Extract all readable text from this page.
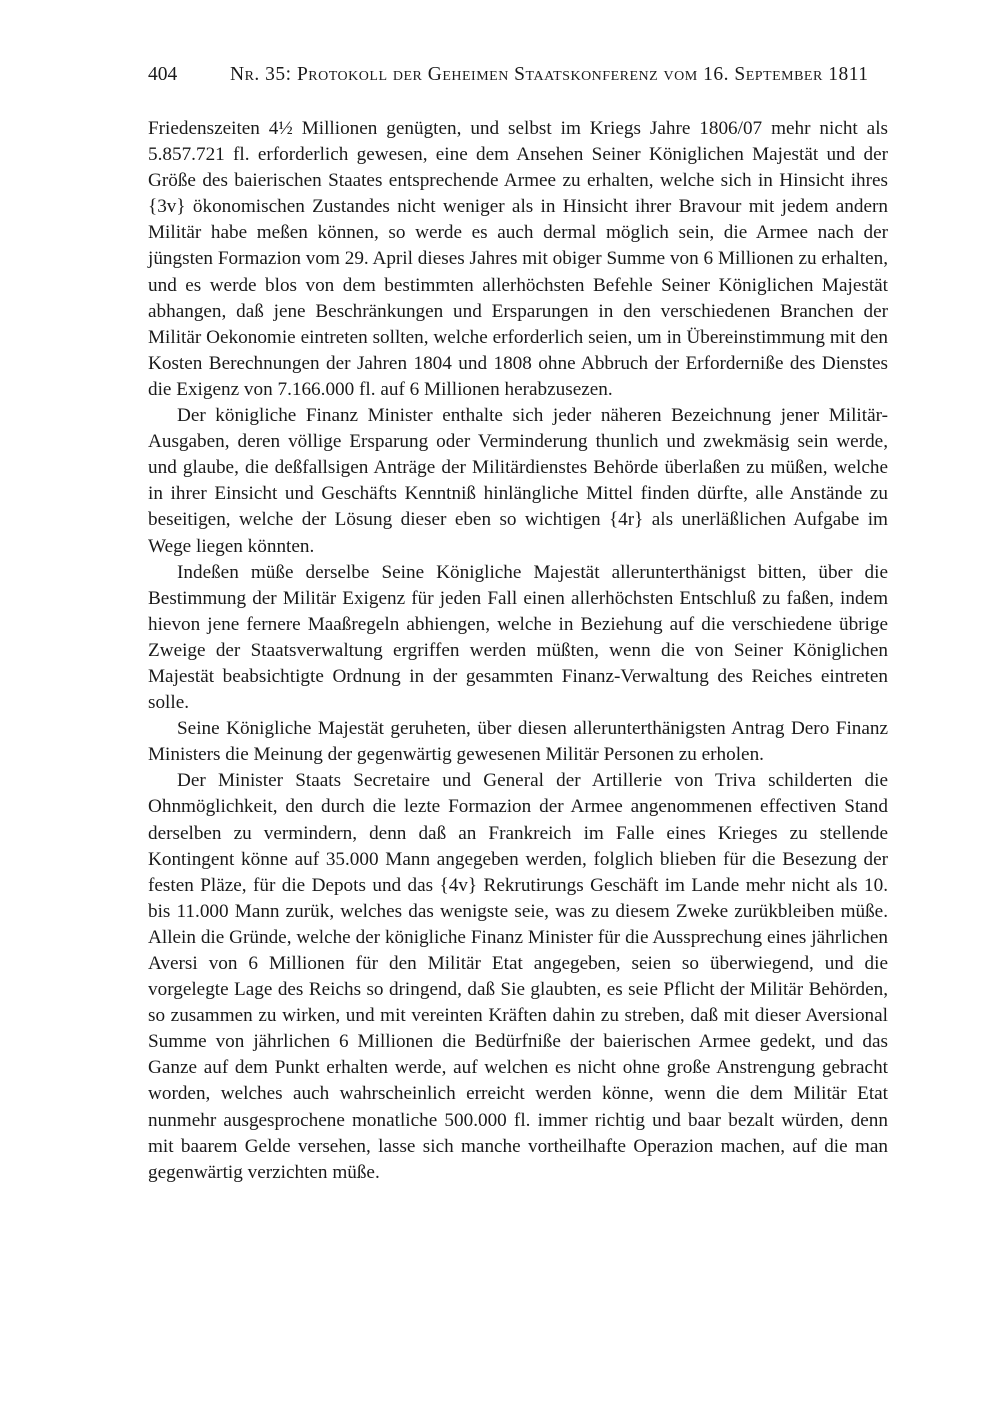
404	Nr. 35: Protokoll der Geheimen Staatskonferenz vom 16. September 1811

Friedenszeiten 4½ Millionen genügten, und selbst im Kriegs Jahre 1806/07 mehr nicht als 5.857.721 fl. erforderlich gewesen, eine dem Ansehen Seiner Königlichen Majestät und der Größe des baierischen Staates entsprechende Armee zu erhalten, welche sich in Hinsicht ihres {3v} ökonomischen Zustandes nicht weniger als in Hinsicht ihrer Bravour mit jedem andern Militär habe meßen können, so werde es auch dermal möglich sein, die Armee nach der jüngsten Formazion vom 29. April dieses Jahres mit obiger Summe von 6 Millionen zu erhalten, und es werde blos von dem bestimmten allerhöchsten Befehle Seiner Königlichen Majestät abhangen, daß jene Beschränkungen und Ersparungen in den verschiedenen Branchen der Militär Oekonomie eintreten sollten, welche erforderlich seien, um in Übereinstimmung mit den Kosten Berechnungen der Jahren 1804 und 1808 ohne Abbruch der Erforderniße des Dienstes die Exigenz von 7.166.000 fl. auf 6 Millionen herabzusezen.

Der königliche Finanz Minister enthalte sich jeder näheren Bezeichnung jener Militär-Ausgaben, deren völlige Ersparung oder Verminderung thunlich und zwekmäsig sein werde, und glaube, die deßfallsigen Anträge der Militärdienstes Behörde überlaßen zu müßen, welche in ihrer Einsicht und Geschäfts Kenntniß hinlängliche Mittel finden dürfte, alle Anstände zu beseitigen, welche der Lösung dieser eben so wichtigen {4r} als unerläßlichen Aufgabe im Wege liegen könnten.

Indeßen müße derselbe Seine Königliche Majestät allerunterthänigst bitten, über die Bestimmung der Militär Exigenz für jeden Fall einen allerhöchsten Entschluß zu faßen, indem hievon jene fernere Maaßregeln abhiengen, welche in Beziehung auf die verschiedene übrige Zweige der Staatsverwaltung ergriffen werden müßten, wenn die von Seiner Königlichen Majestät beabsichtigte Ordnung in der gesammten Finanz-Verwaltung des Reiches eintreten solle.

Seine Königliche Majestät geruheten, über diesen allerunterthänigsten Antrag Dero Finanz Ministers die Meinung der gegenwärtig gewesenen Militär Personen zu erholen.

Der Minister Staats Secretaire und General der Artillerie von Triva schilderten die Ohnmöglichkeit, den durch die lezte Formazion der Armee angenommenen effectiven Stand derselben zu vermindern, denn daß an Frankreich im Falle eines Krieges zu stellende Kontingent könne auf 35.000 Mann angegeben werden, folglich blieben für die Besezung der festen Pläze, für die Depots und das {4v} Rekrutirungs Geschäft im Lande mehr nicht als 10. bis 11.000 Mann zurük, welches das wenigste seie, was zu diesem Zweke zurükbleiben müße. Allein die Gründe, welche der königliche Finanz Minister für die Aussprechung eines jährlichen Aversi von 6 Millionen für den Militär Etat angegeben, seien so überwiegend, und die vorgelegte Lage des Reichs so dringend, daß Sie glaubten, es seie Pflicht der Militär Behörden, so zusammen zu wirken, und mit vereinten Kräften dahin zu streben, daß mit dieser Aversional Summe von jährlichen 6 Millionen die Bedürfniße der baierischen Armee gedekt, und das Ganze auf dem Punkt erhalten werde, auf welchen es nicht ohne große Anstrengung gebracht worden, welches auch wahrscheinlich erreicht werden könne, wenn die dem Militär Etat nunmehr ausgesprochene monatliche 500.000 fl. immer richtig und baar bezalt würden, denn mit baarem Gelde versehen, lasse sich manche vortheilhafte Operazion machen, auf die man gegenwärtig verzichten müße.
